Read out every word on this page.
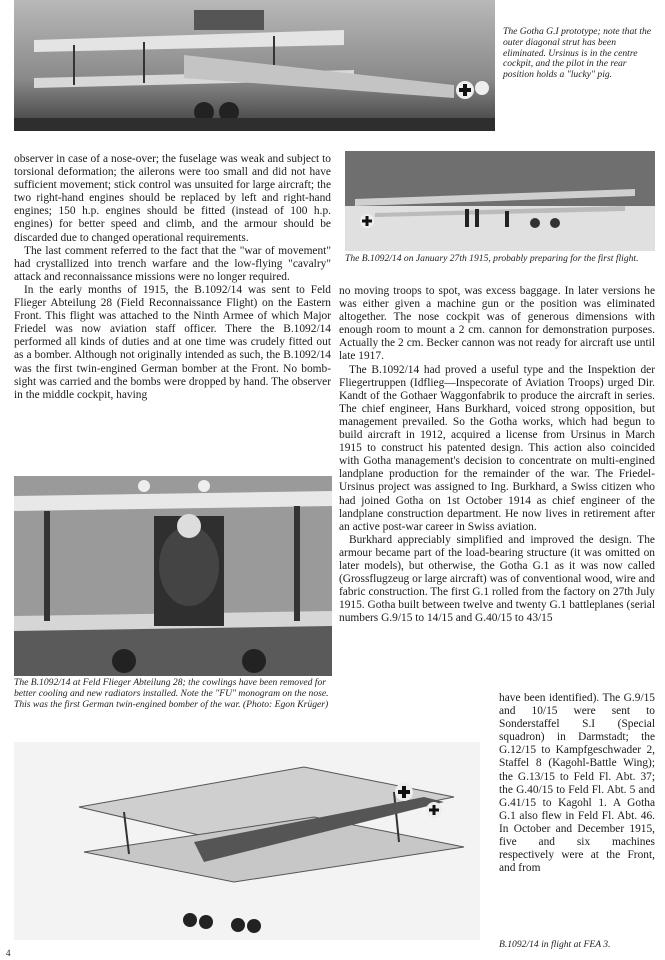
The Gotha G.I prototype; note that the outer diagonal strut has been eliminated. Ursinus is in the centre cockpit, and the pilot in the rear position holds a "lucky" pig.

observer in case of a nose-over; the fuselage was weak and subject to torsional deformation; the ailerons were too small and did not have sufficient movement; stick control was unsuited for large aircraft; the two right-hand engines should be replaced by left and right-hand engines; 150 h.p. engines should be fitted (instead of 100 h.p. engines) for better speed and climb, and the armour should be discarded due to changed operational requirements.

The last comment referred to the fact that the "war of movement" had crystallized into trench warfare and the low-flying "cavalry" attack and reconnaissance missions were no longer required.

In the early months of 1915, the B.1092/14 was sent to Feld Flieger Abteilung 28 (Field Reconnaissance Flight) on the Eastern Front. This flight was attached to the Ninth Armee of which Major Friedel was now aviation staff officer. There the B.1092/14 performed all kinds of duties and at one time was crudely fitted out as a bomber. Although not originally intended as such, the B.1092/14 was the first twin-engined German bomber at the Front. No bomb-sight was carried and the bombs were dropped by hand. The observer in the middle cockpit, having

The B.1092/14 on January 27th 1915, probably preparing for the first flight.

no moving troops to spot, was excess baggage. In later versions he was either given a machine gun or the position was eliminated altogether. The nose cockpit was of generous dimensions with enough room to mount a 2 cm. cannon for demonstration purposes. Actually the 2 cm. Becker cannon was not ready for aircraft use until late 1917.

The B.1092/14 had proved a useful type and the Inspektion der Fliegertruppen (Idflieg—Inspecorate of Aviation Troops) urged Dir. Kandt of the Gothaer Waggonfabrik to produce the aircraft in series. The chief engineer, Hans Burkhard, voiced strong opposition, but management prevailed. So the Gotha works, which had begun to build aircraft in 1912, acquired a license from Ursinus in March 1915 to construct his patented design. This action also coincided with Gotha management's decision to concentrate on multi-engined landplane production for the remainder of the war. The Friedel-Ursinus project was assigned to Ing. Burkhard, a Swiss citizen who had joined Gotha on 1st October 1914 as chief engineer of the landplane construction department. He now lives in retirement after an active post-war career in Swiss aviation.

Burkhard appreciably simplified and improved the design. The armour became part of the load-bearing structure (it was omitted on later models), but otherwise, the Gotha G.1 as it was now called (Grossflugzeug or large aircraft) was of conventional wood, wire and fabric construction. The first G.1 rolled from the factory on 27th July 1915. Gotha built between twelve and twenty G.1 battleplanes (serial numbers G.9/15 to 14/15 and G.40/15 to 43/15

The B.1092/14 at Feld Flieger Abteilung 28; the cowlings have been removed for better cooling and new radiators installed. Note the "FU" monogram on the nose. This was the first German twin-engined bomber of the war. (Photo: Egon Krüger)

have been identified). The G.9/15 and 10/15 were sent to Sonderstaffel S.I (Special squadron) in Darmstadt; the G.12/15 to Kampfgeschwader 2, Staffel 8 (Kagohl-Battle Wing); the G.13/15 to Feld Fl. Abt. 37; the G.40/15 to Feld Fl. Abt. 5 and G.41/15 to Kagohl 1. A Gotha G.1 also flew in Feld Fl. Abt. 46. In October and December 1915, five and six machines respectively were at the Front, and from

B.1092/14 in flight at FEA 3.
4
